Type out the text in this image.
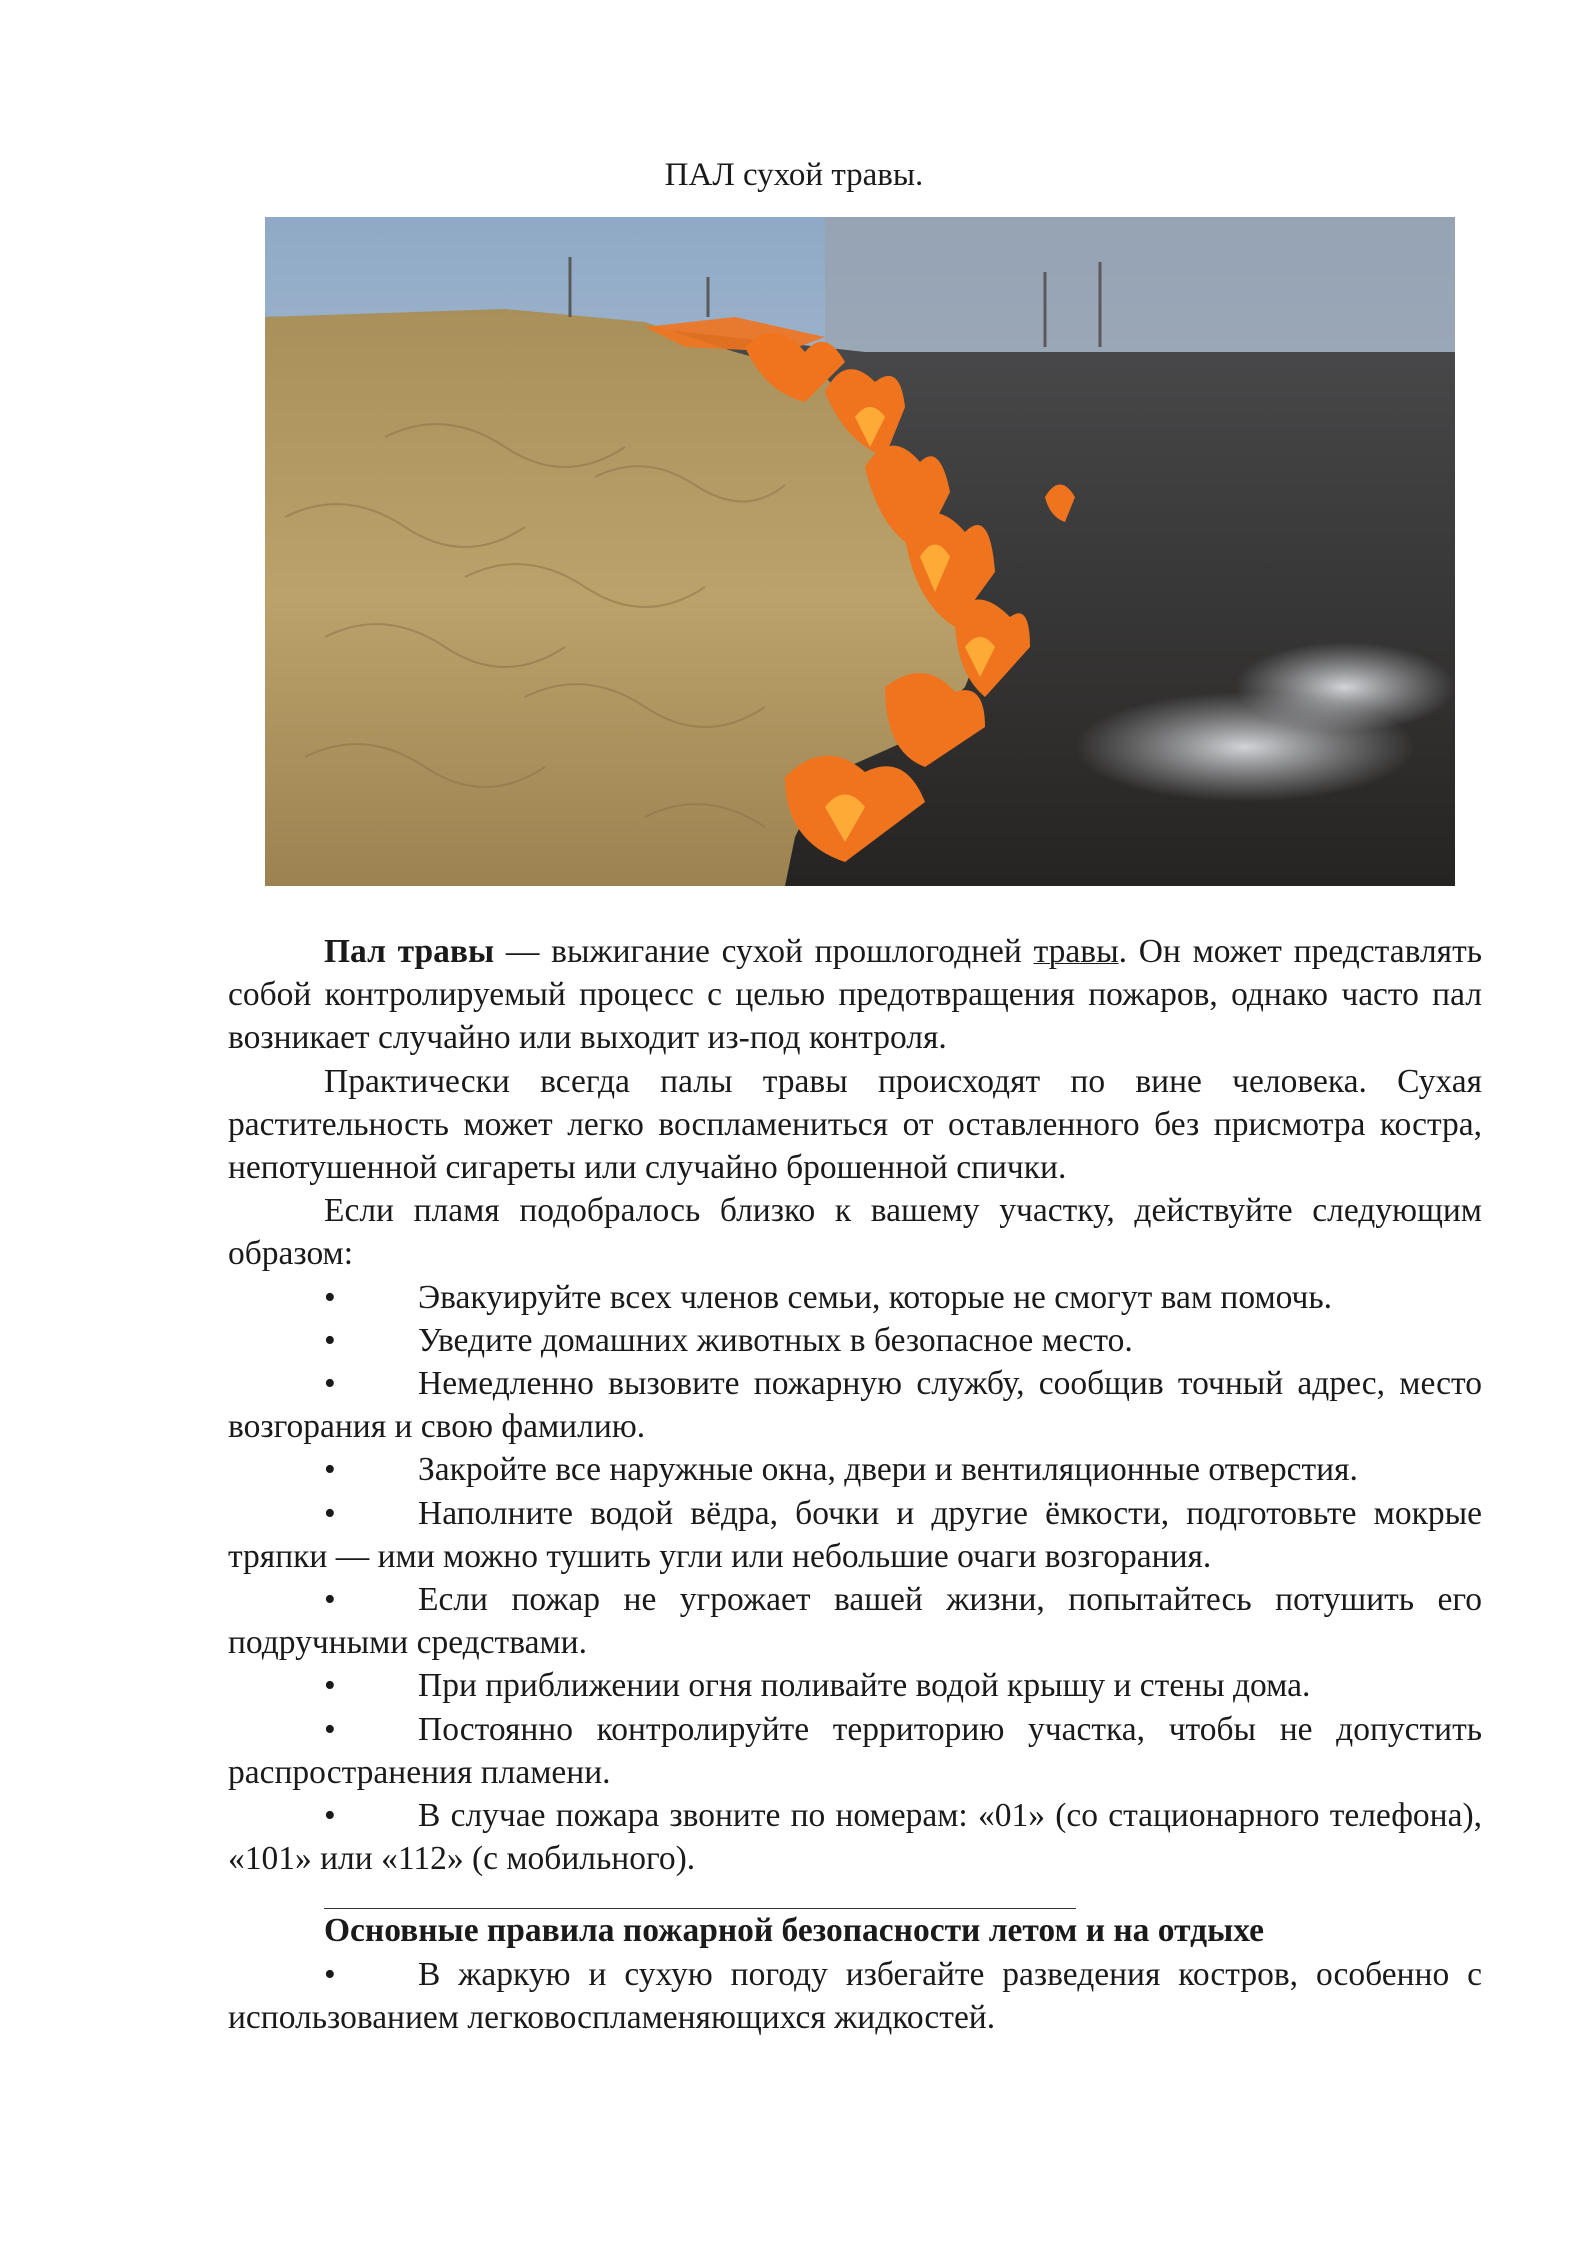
ПАЛ сухой травы.

Пал травы — выжигание сухой прошлогодней травы. Он может представлять собой контролируемый процесс с целью предотвращения пожаров, однако часто пал возникает случайно или выходит из-под контроля.

Практически всегда палы травы происходят по вине человека. Сухая растительность может легко воспламениться от оставленного без присмотра костра, непотушенной сигареты или случайно брошенной спички.

Если пламя подобралось близко к вашему участку, действуйте следующим образом:

• Эвакуируйте всех членов семьи, которые не смогут вам помочь.

• Уведите домашних животных в безопасное место.

• Немедленно вызовите пожарную службу, сообщив точный адрес, место возгорания и свою фамилию.

• Закройте все наружные окна, двери и вентиляционные отверстия.

• Наполните водой вёдра, бочки и другие ёмкости, подготовьте мокрые тряпки — ими можно тушить угли или небольшие очаги возгорания.

• Если пожар не угрожает вашей жизни, попытайтесь потушить его подручными средствами.

• При приближении огня поливайте водой крышу и стены дома.

• Постоянно контролируйте территорию участка, чтобы не допустить распространения пламени.

• В случае пожара звоните по номерам: «01» (со стационарного телефона), «101» или «112» (с мобильного).

Основные правила пожарной безопасности летом и на отдыхе

• В жаркую и сухую погоду избегайте разведения костров, особенно с использованием легковоспламеняющихся жидкостей.
